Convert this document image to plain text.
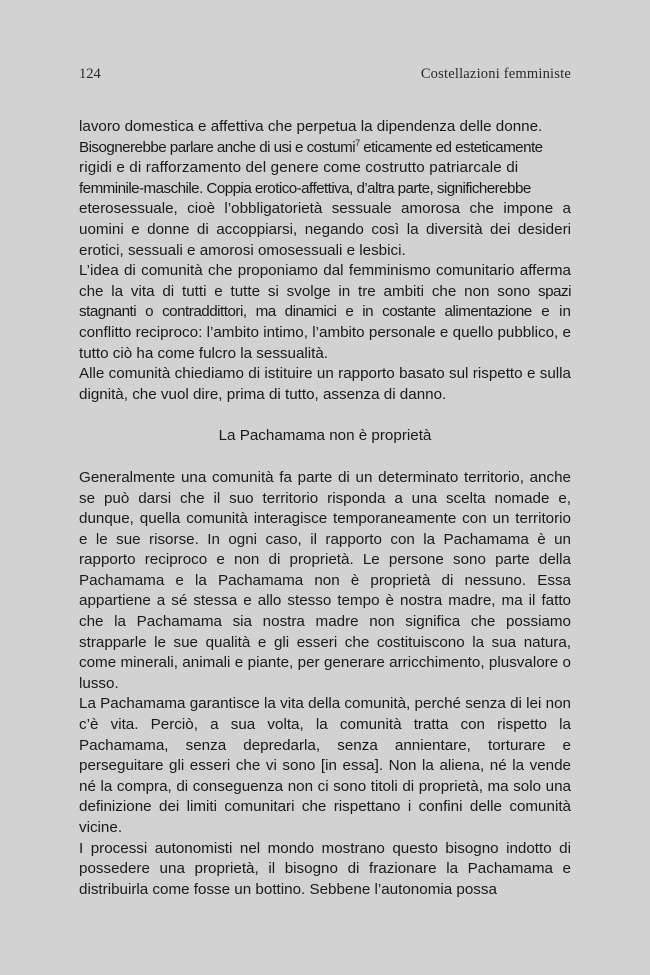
124	Costellazioni femministe

lavoro domestica e affettiva che perpetua la dipendenza delle donne.
Bisognerebbe parlare anche di usi e costumi$^7$ eticamente ed esteticamente
rigidi e di rafforzamento del genere come costrutto patriarcale di
femminile-maschile. Coppia erotico-affettiva, d’altra parte, significherebbe
eterosessuale, cioè l’obbligatorietà sessuale amorosa che impone a uomini e donne di accoppiarsi, negando così la diversità dei desideri erotici, sessuali e amorosi omosessuali e lesbici.

L’idea di comunità che proponiamo dal femminismo comunitario afferma che la vita di tutti e tutte si svolge in tre ambiti che non sono spazi stagnanti o contraddittori, ma dinamici e in costante alimentazione e in conflitto reciproco: l’ambito intimo, l’ambito personale e quello pubblico, e tutto ciò ha come fulcro la sessualità.

Alle comunità chiediamo di istituire un rapporto basato sul rispetto e sulla dignità, che vuol dire, prima di tutto, assenza di danno.

La Pachamama non è proprietà

Generalmente una comunità fa parte di un determinato territorio, anche se può darsi che il suo territorio risponda a una scelta nomade e, dunque, quella comunità interagisce temporaneamente con un territorio e le sue risorse. In ogni caso, il rapporto con la Pachamama è un rapporto reciproco e non di proprietà. Le persone sono parte della Pachamama e la Pachamama non è proprietà di nessuno. Essa appartiene a sé stessa e allo stesso tempo è nostra madre, ma il fatto che la Pachamama sia nostra madre non significa che possiamo strapparle le sue qualità e gli esseri che costituiscono la sua natura, come minerali, animali e piante, per generare arricchimento, plusvalore o lusso.

La Pachamama garantisce la vita della comunità, perché senza di lei non c’è vita. Perciò, a sua volta, la comunità tratta con rispetto la Pachamama, senza depredarla, senza annientare, torturare e perseguitare gli esseri che vi sono [in essa]. Non la aliena, né la vende né la compra, di conseguenza non ci sono titoli di proprietà, ma solo una definizione dei limiti comunitari che rispettano i confini delle comunità vicine.

I processi autonomisti nel mondo mostrano questo bisogno indotto di possedere una proprietà, il bisogno di frazionare la Pachamama e distribuirla come fosse un bottino. Sebbene l’autonomia possa
